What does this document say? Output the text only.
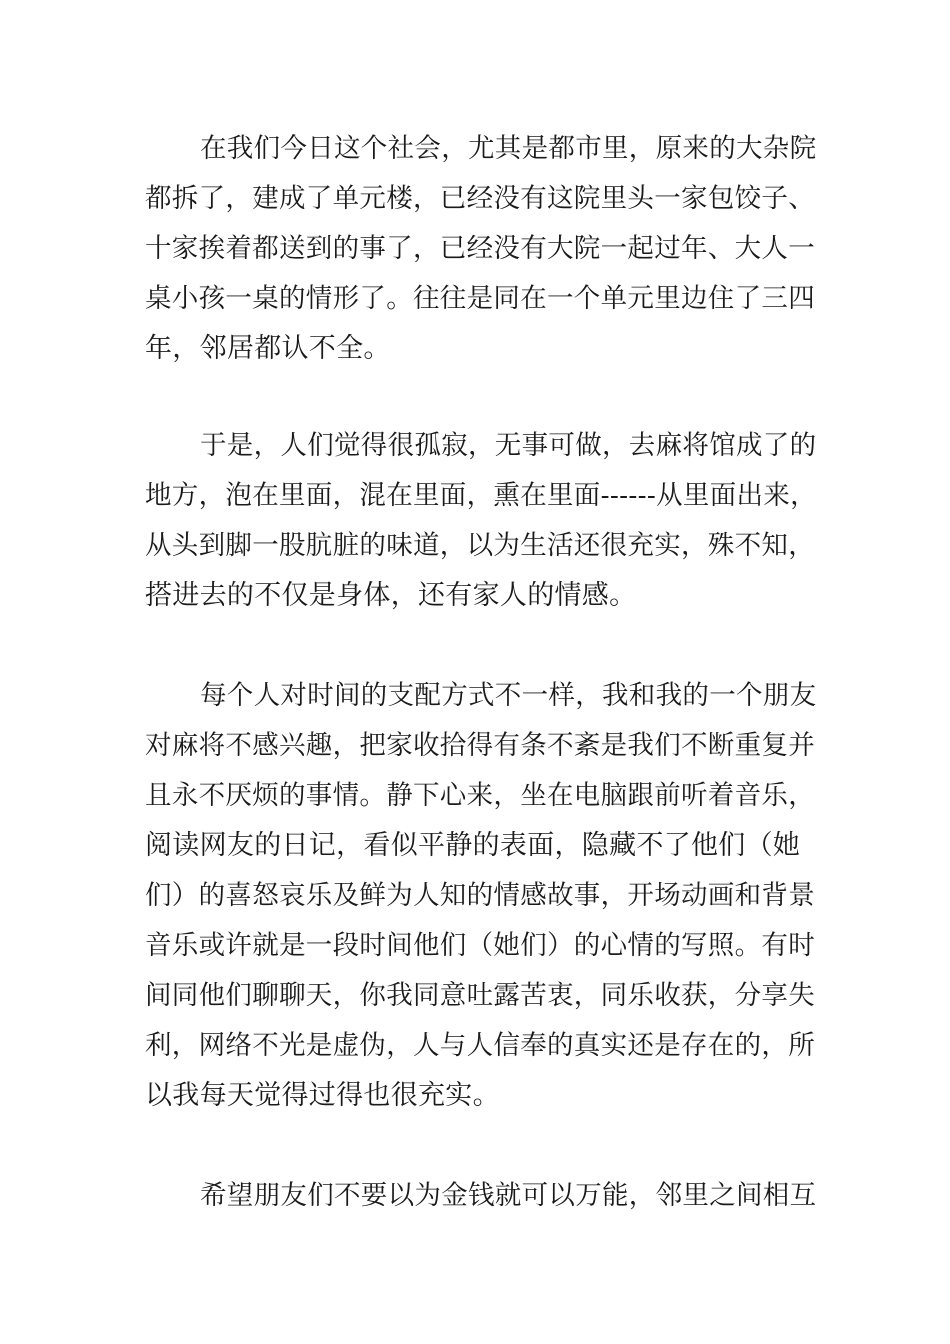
在我们今日这个社会，尤其是都市里，原来的大杂院
都拆了，建成了单元楼，已经没有这院里头一家包饺子、
十家挨着都送到的事了，已经没有大院一起过年、大人一
桌小孩一桌的情形了。往往是同在一个单元里边住了三四
年，邻居都认不全。
于是，人们觉得很孤寂，无事可做，去麻将馆成了的
地方，泡在里面，混在里面，熏在里面------从里面出来，
从头到脚一股肮脏的味道，以为生活还很充实，殊不知，
搭进去的不仅是身体，还有家人的情感。
每个人对时间的支配方式不一样，我和我的一个朋友
对麻将不感兴趣，把家收拾得有条不紊是我们不断重复并
且永不厌烦的事情。静下心来，坐在电脑跟前听着音乐，
阅读网友的日记，看似平静的表面，隐藏不了他们（她
们）的喜怒哀乐及鲜为人知的情感故事，开场动画和背景
音乐或许就是一段时间他们（她们）的心情的写照。有时
间同他们聊聊天，你我同意吐露苦衷，同乐收获，分享失
利，网络不光是虚伪，人与人信奉的真实还是存在的，所
以我每天觉得过得也很充实。
希望朋友们不要以为金钱就可以万能，邻里之间相互
